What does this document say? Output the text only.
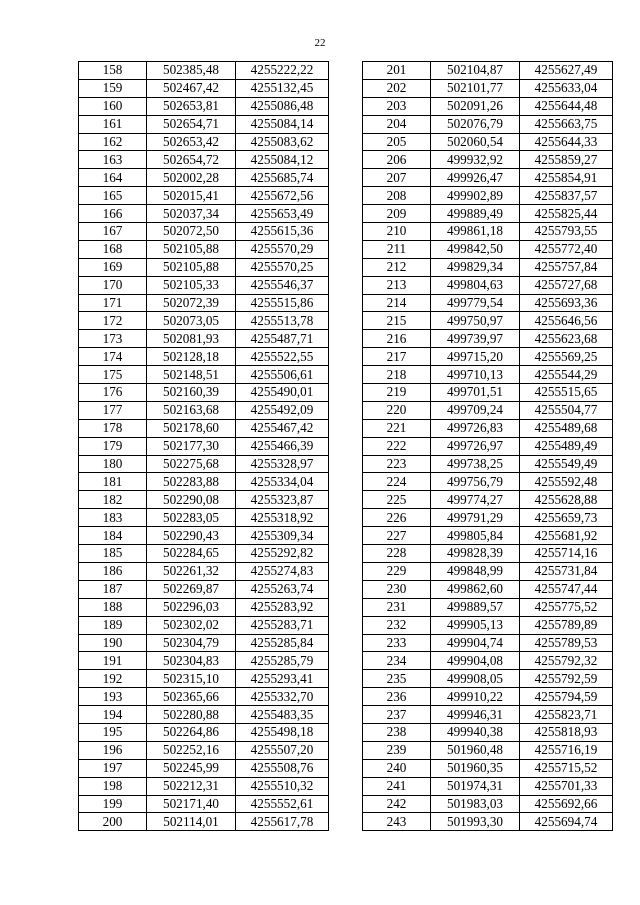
22
158	502385,48	4255222,22
159	502467,42	4255132,45
160	502653,81	4255086,48
161	502654,71	4255084,14
162	502653,42	4255083,62
163	502654,72	4255084,12
164	502002,28	4255685,74
165	502015,41	4255672,56
166	502037,34	4255653,49
167	502072,50	4255615,36
168	502105,88	4255570,29
169	502105,88	4255570,25
170	502105,33	4255546,37
171	502072,39	4255515,86
172	502073,05	4255513,78
173	502081,93	4255487,71
174	502128,18	4255522,55
175	502148,51	4255506,61
176	502160,39	4255490,01
177	502163,68	4255492,09
178	502178,60	4255467,42
179	502177,30	4255466,39
180	502275,68	4255328,97
181	502283,88	4255334,04
182	502290,08	4255323,87
183	502283,05	4255318,92
184	502290,43	4255309,34
185	502284,65	4255292,82
186	502261,32	4255274,83
187	502269,87	4255263,74
188	502296,03	4255283,92
189	502302,02	4255283,71
190	502304,79	4255285,84
191	502304,83	4255285,79
192	502315,10	4255293,41
193	502365,66	4255332,70
194	502280,88	4255483,35
195	502264,86	4255498,18
196	502252,16	4255507,20
197	502245,99	4255508,76
198	502212,31	4255510,32
199	502171,40	4255552,61
200	502114,01	4255617,78
201	502104,87	4255627,49
202	502101,77	4255633,04
203	502091,26	4255644,48
204	502076,79	4255663,75
205	502060,54	4255644,33
206	499932,92	4255859,27
207	499926,47	4255854,91
208	499902,89	4255837,57
209	499889,49	4255825,44
210	499861,18	4255793,55
211	499842,50	4255772,40
212	499829,34	4255757,84
213	499804,63	4255727,68
214	499779,54	4255693,36
215	499750,97	4255646,56
216	499739,97	4255623,68
217	499715,20	4255569,25
218	499710,13	4255544,29
219	499701,51	4255515,65
220	499709,24	4255504,77
221	499726,83	4255489,68
222	499726,97	4255489,49
223	499738,25	4255549,49
224	499756,79	4255592,48
225	499774,27	4255628,88
226	499791,29	4255659,73
227	499805,84	4255681,92
228	499828,39	4255714,16
229	499848,99	4255731,84
230	499862,60	4255747,44
231	499889,57	4255775,52
232	499905,13	4255789,89
233	499904,74	4255789,53
234	499904,08	4255792,32
235	499908,05	4255792,59
236	499910,22	4255794,59
237	499946,31	4255823,71
238	499940,38	4255818,93
239	501960,48	4255716,19
240	501960,35	4255715,52
241	501974,31	4255701,33
242	501983,03	4255692,66
243	501993,30	4255694,74
